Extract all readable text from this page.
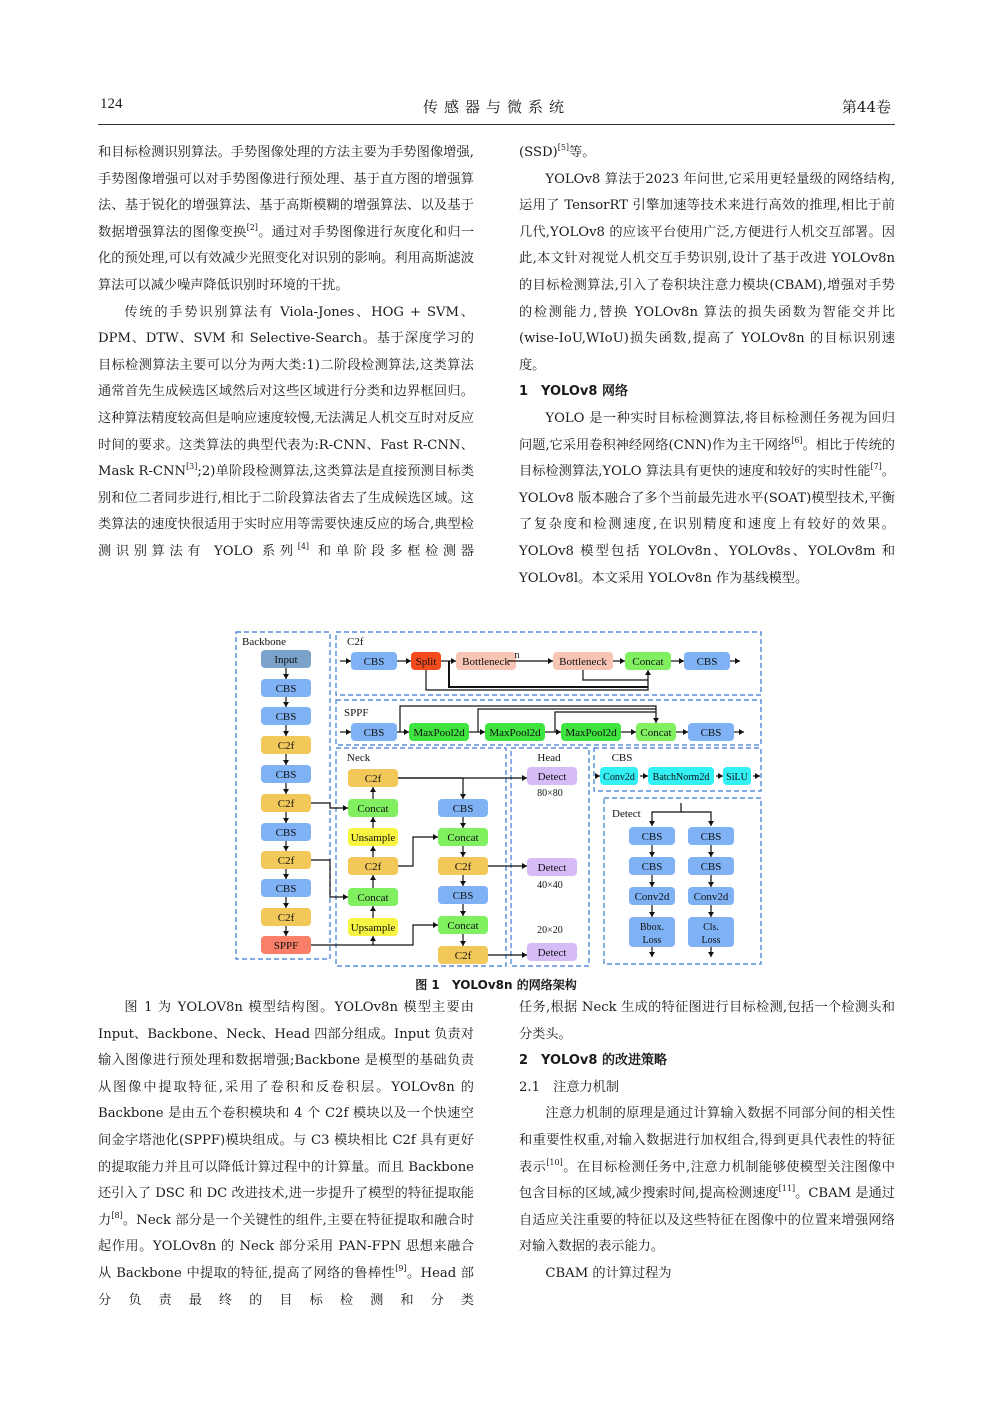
124	传感器与微系统	第44卷

和目标检测识别算法。手势图像处理的方法主要为手势图像增强,手势图像增强可以对手势图像进行预处理、基于直方图的增强算法、基于锐化的增强算法、基于高斯模糊的增强算法、以及基于数据增强算法的图像变换[2]。通过对手势图像进行灰度化和归一化的预处理,可以有效减少光照变化对识别的影响。利用高斯滤波算法可以减少噪声降低识别时环境的干扰。

传统的手势识别算法有 Viola-Jones、HOG + SVM、DPM、DTW、SVM 和 Selective-Search。基于深度学习的目标检测算法主要可以分为两大类:1)二阶段检测算法,这类算法通常首先生成候选区域然后对这些区域进行分类和边界框回归。这种算法精度较高但是响应速度较慢,无法满足人机交互时对反应时间的要求。这类算法的典型代表为:R-CNN、Fast R-CNN、Mask R-CNN[3];2)单阶段检测算法,这类算法是直接预测目标类别和位二者同步进行,相比于二阶段算法省去了生成候选区域。这类算法的速度快很适用于实时应用等需要快速反应的场合,典型检测识别算法有 YOLO 系列[4] 和单阶段多框检测器

(SSD)[5]等。

YOLOv8 算法于2023 年问世,它采用更轻量级的网络结构,运用了 TensorRT 引擎加速等技术来进行高效的推理,相比于前几代,YOLOv8 的应该平台使用广泛,方便进行人机交互部署。因此,本文针对视觉人机交互手势识别,设计了基于改进 YOLOv8n 的目标检测算法,引入了卷积块注意力模块(CBAM),增强对手势的检测能力,替换 YOLOv8n 算法的损失函数为智能交并比(wise-IoU,WIoU)损失函数,提高了 YOLOv8n 的目标识别速度。

1　YOLOv8 网络

YOLO 是一种实时目标检测算法,将目标检测任务视为回归问题,它采用卷积神经网络(CNN)作为主干网络[6]。相比于传统的目标检测算法,YOLO 算法具有更快的速度和较好的实时性能[7]。YOLOv8 版本融合了多个当前最先进水平(SOAT)模型技术,平衡了复杂度和检测速度,在识别精度和速度上有较好的效果。YOLOv8 模型包括 YOLOv8n、YOLOv8s、YOLOv8m 和 YOLOv8l。本文采用 YOLOv8n 作为基线模型。

Backbone	C2f
SPPF
Neck	Head	CBS
Detect
Input
CBS
CBS
C2f
CBS
C2f
CBS
C2f
CBS
C2f
SPPF
CBS	Split Bottleneck
n
Bottleneck Concat	CBS
CBS	MaxPool2d MaxPool2d MaxPool2d Concat	CBS
C2f
Concat
Unsample
C2f
Concat
Upsample
CBS
Concat
C2f
CBS
Concat
C2f
Detect
80×80
Detect
40×40
Detect
20×20
Conv2d BatchNorm2d SiLU
CBS
CBS
Conv2d
Bbox.
Loss
CBS
CBS
Conv2d
Cls.
Loss
图 1 YOLOv8n 的网络架构

图 1 为 YOLOV8n 模型结构图。YOLOv8n 模型主要由 Input、Backbone、Neck、Head 四部分组成。Input 负责对输入图像进行预处理和数据增强;Backbone 是模型的基础负责从图像中提取特征,采用了卷积和反卷积层。YOLOv8n 的 Backbone 是由五个卷积模块和 4 个 C2f 模块以及一个快速空间金字塔池化(SPPF)模块组成。与 C3 模块相比 C2f 具有更好的提取能力并且可以降低计算过程中的计算量。而且 Backbone 还引入了 DSC 和 DC 改进技术,进一步提升了模型的特征提取能力[8]。Neck 部分是一个关键性的组件,主要在特征提取和融合时起作用。YOLOv8n 的 Neck 部分采用 PAN-FPN 思想来融合从 Backbone 中提取的特征,提高了网络的鲁棒性[9]。Head 部分负责最终的目标检测和分类

任务,根据 Neck 生成的特征图进行目标检测,包括一个检测头和分类头。

2　YOLOv8 的改进策略

2.1　注意力机制

注意力机制的原理是通过计算输入数据不同部分间的相关性和重要性权重,对输入数据进行加权组合,得到更具代表性的特征表示[10]。在目标检测任务中,注意力机制能够使模型关注图像中包含目标的区域,减少搜索时间,提高检测速度[11]。CBAM 是通过自适应关注重要的特征以及这些特征在图像中的位置来增强网络对输入数据的表示能力。

CBAM 的计算过程为
